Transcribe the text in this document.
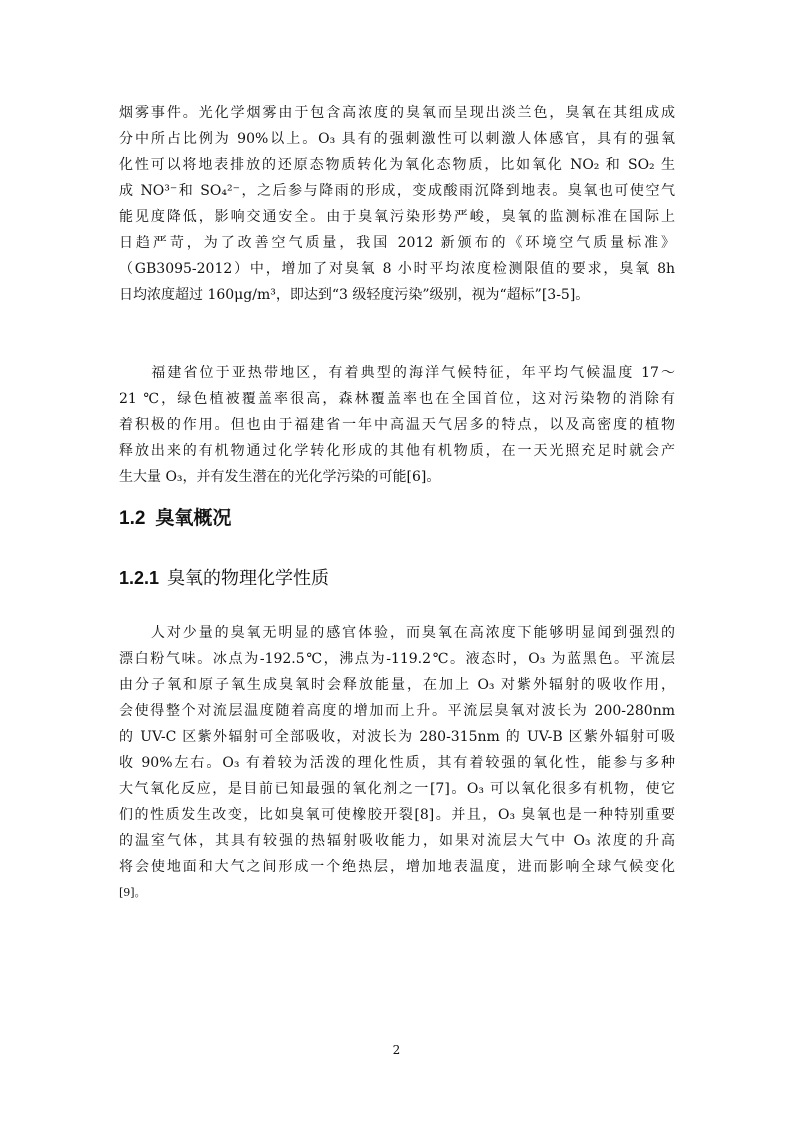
烟雾事件。光化学烟雾由于包含高浓度的臭氧而呈现出淡兰色，臭氧在其组成成
分中所占比例为 90%以上。O₃ 具有的强刺激性可以刺激人体感官，具有的强氧
化性可以将地表排放的还原态物质转化为氧化态物质，比如氧化 NO₂ 和 SO₂ 生
成 NO³⁻和 SO₄²⁻，之后参与降雨的形成，变成酸雨沉降到地表。臭氧也可使空气
能见度降低，影响交通安全。由于臭氧污染形势严峻，臭氧的监测标准在国际上
日趋严苛，为了改善空气质量，我国 2012 新颁布的《环境空气质量标准》
（GB3095-2012）中，增加了对臭氧 8 小时平均浓度检测限值的要求，臭氧 8h
日均浓度超过 160μg/m³，即达到“3 级轻度污染”级别，视为“超标”[3-5]。
　　福建省位于亚热带地区，有着典型的海洋气候特征，年平均气候温度 17～
21 ℃，绿色植被覆盖率很高，森林覆盖率也在全国首位，这对污染物的消除有
着积极的作用。但也由于福建省一年中高温天气居多的特点，以及高密度的植物
释放出来的有机物通过化学转化形成的其他有机物质，在一天光照充足时就会产
生大量 O₃，并有发生潜在的光化学污染的可能[6]。
1.2 臭氧概况
1.2.1 臭氧的物理化学性质
　　人对少量的臭氧无明显的感官体验，而臭氧在高浓度下能够明显闻到强烈的
漂白粉气味。冰点为-192.5℃，沸点为-119.2℃。液态时，O₃ 为蓝黑色。平流层
由分子氧和原子氧生成臭氧时会释放能量，在加上 O₃ 对紫外辐射的吸收作用，
会使得整个对流层温度随着高度的增加而上升。平流层臭氧对波长为 200-280nm
的 UV-C 区紫外辐射可全部吸收，对波长为 280-315nm 的 UV-B 区紫外辐射可吸
收 90%左右。O₃ 有着较为活泼的理化性质，其有着较强的氧化性，能参与多种
大气氧化反应，是目前已知最强的氧化剂之一[7]。O₃ 可以氧化很多有机物，使它
们的性质发生改变，比如臭氧可使橡胶开裂[8]。并且，O₃ 臭氧也是一种特别重要
的温室气体，其具有较强的热辐射吸收能力，如果对流层大气中 O₃ 浓度的升高
将会使地面和大气之间形成一个绝热层，增加地表温度，进而影响全球气候变化
[9]。
2
